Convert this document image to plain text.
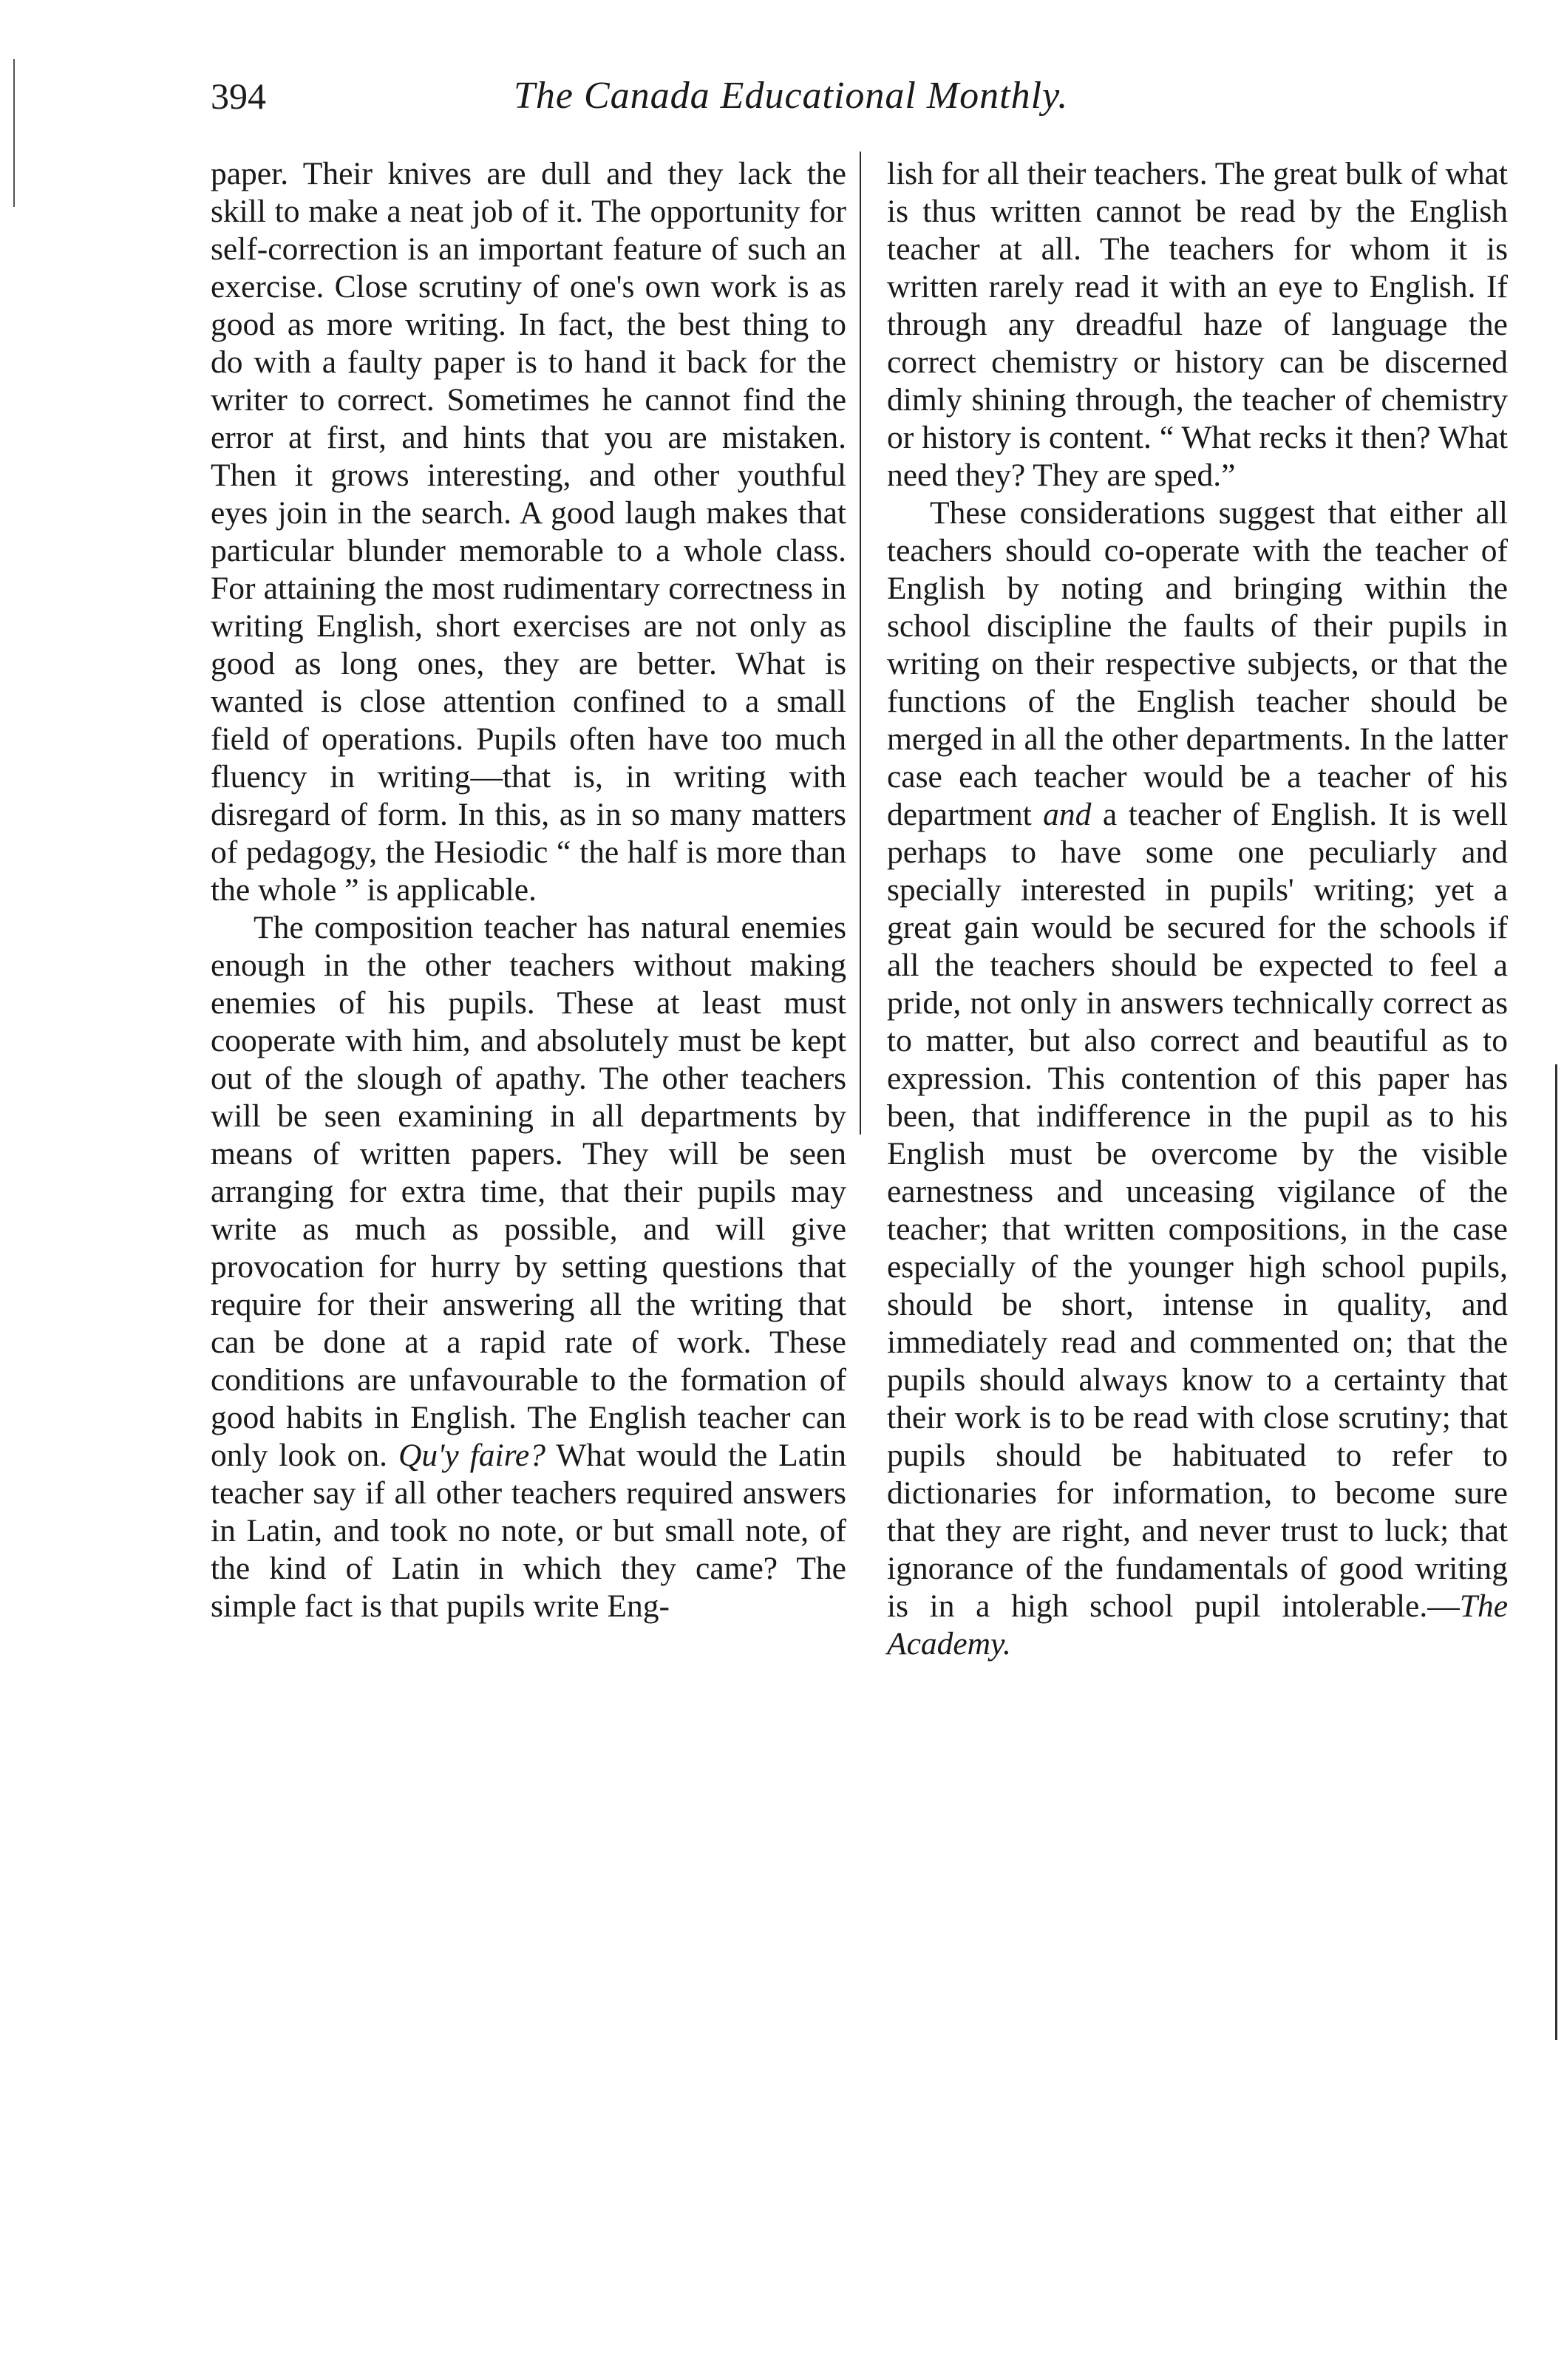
394	The Canada Educational Monthly.

paper. Their knives are dull and they lack the skill to make a neat job of it. The opportunity for self-correction is an important feature of such an exercise. Close scrutiny of one's own work is as good as more writing. In fact, the best thing to do with a faulty paper is to hand it back for the writer to correct. Sometimes he cannot find the error at first, and hints that you are mistaken. Then it grows interesting, and other youthful eyes join in the search. A good laugh makes that particular blunder memorable to a whole class. For attaining the most rudimentary correctness in writing English, short exercises are not only as good as long ones, they are better. What is wanted is close attention confined to a small field of operations. Pupils often have too much fluency in writing—that is, in writing with disregard of form. In this, as in so many matters of pedagogy, the Hesiodic “ the half is more than the whole ” is applicable.

The composition teacher has natural enemies enough in the other teachers without making enemies of his pupils. These at least must cooperate with him, and absolutely must be kept out of the slough of apathy. The other teachers will be seen examining in all departments by means of written papers. They will be seen arranging for extra time, that their pupils may write as much as possible, and will give provocation for hurry by setting questions that require for their answering all the writing that can be done at a rapid rate of work. These conditions are unfavourable to the formation of good habits in English. The English teacher can only look on. Qu'y faire? What would the Latin teacher say if all other teachers required answers in Latin, and took no note, or but small note, of the kind of Latin in which they came? The simple fact is that pupils write Eng-

lish for all their teachers. The great bulk of what is thus written cannot be read by the English teacher at all. The teachers for whom it is written rarely read it with an eye to English. If through any dreadful haze of language the correct chemistry or history can be discerned dimly shining through, the teacher of chemistry or history is content. “ What recks it then? What need they? They are sped.”

These considerations suggest that either all teachers should co-operate with the teacher of English by noting and bringing within the school discipline the faults of their pupils in writing on their respective subjects, or that the functions of the English teacher should be merged in all the other departments. In the latter case each teacher would be a teacher of his department and a teacher of English. It is well perhaps to have some one peculiarly and specially interested in pupils' writing; yet a great gain would be secured for the schools if all the teachers should be expected to feel a pride, not only in answers technically correct as to matter, but also correct and beautiful as to expression. This contention of this paper has been, that indifference in the pupil as to his English must be overcome by the visible earnestness and unceasing vigilance of the teacher; that written compositions, in the case especially of the younger high school pupils, should be short, intense in quality, and immediately read and commented on; that the pupils should always know to a certainty that their work is to be read with close scrutiny; that pupils should be habituated to refer to dictionaries for information, to become sure that they are right, and never trust to luck; that ignorance of the fundamentals of good writing is in a high school pupil intolerable.—The Academy.
